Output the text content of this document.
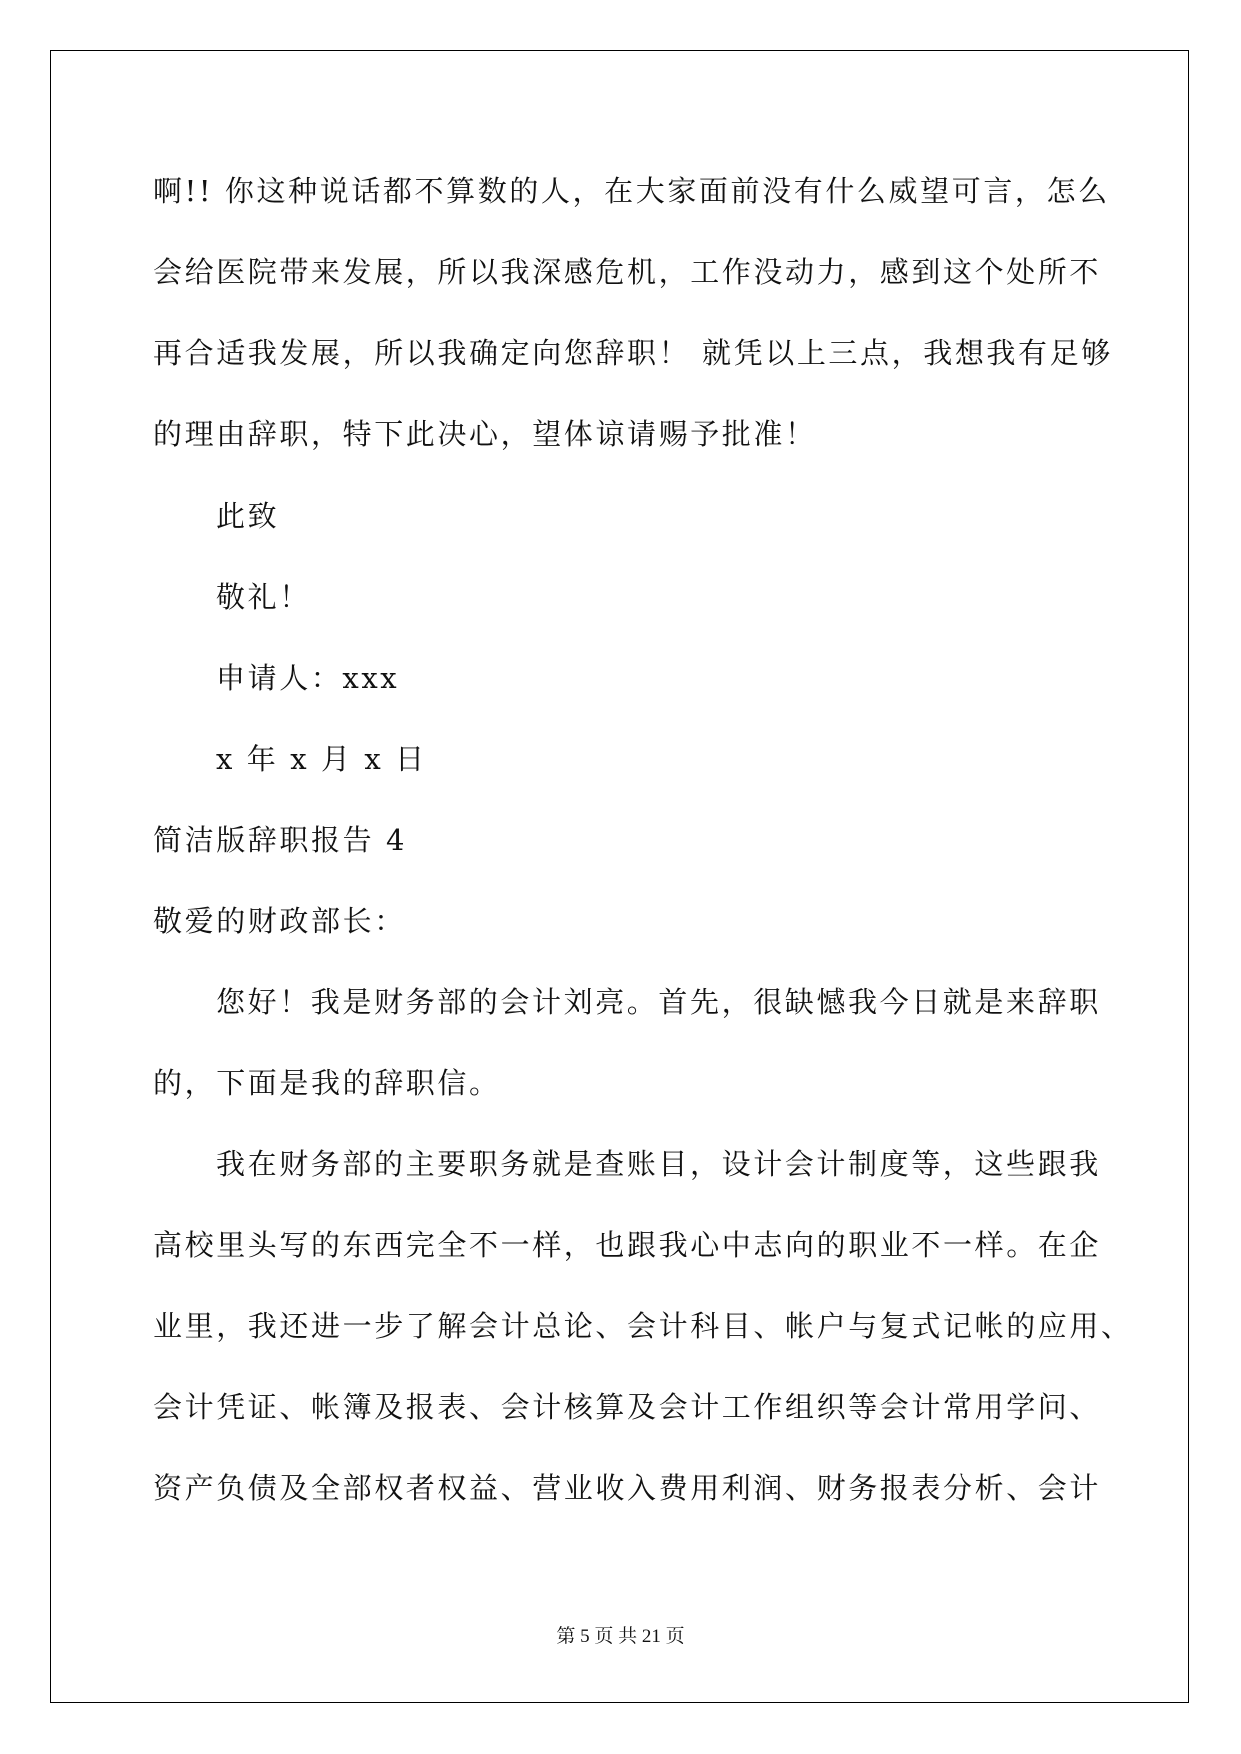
啊!! 你这种说话都不算数的人，在大家面前没有什么威望可言，怎么

会给医院带来发展，所以我深感危机，工作没动力，感到这个处所不

再合适我发展，所以我确定向您辞职！ 就凭以上三点，我想我有足够

的理由辞职，特下此决心，望体谅请赐予批准！

此致

敬礼！

申请人：xxx

x 年 x 月 x 日

简洁版辞职报告 4

敬爱的财政部长：

您好！我是财务部的会计刘亮。首先，很缺憾我今日就是来辞职

的，下面是我的辞职信。

我在财务部的主要职务就是查账目，设计会计制度等，这些跟我

高校里头写的东西完全不一样，也跟我心中志向的职业不一样。在企

业里，我还进一步了解会计总论、会计科目、帐户与复式记帐的应用、

会计凭证、帐簿及报表、会计核算及会计工作组织等会计常用学问、

资产负债及全部权者权益、营业收入费用利润、财务报表分析、会计

第 5 页 共 21 页
